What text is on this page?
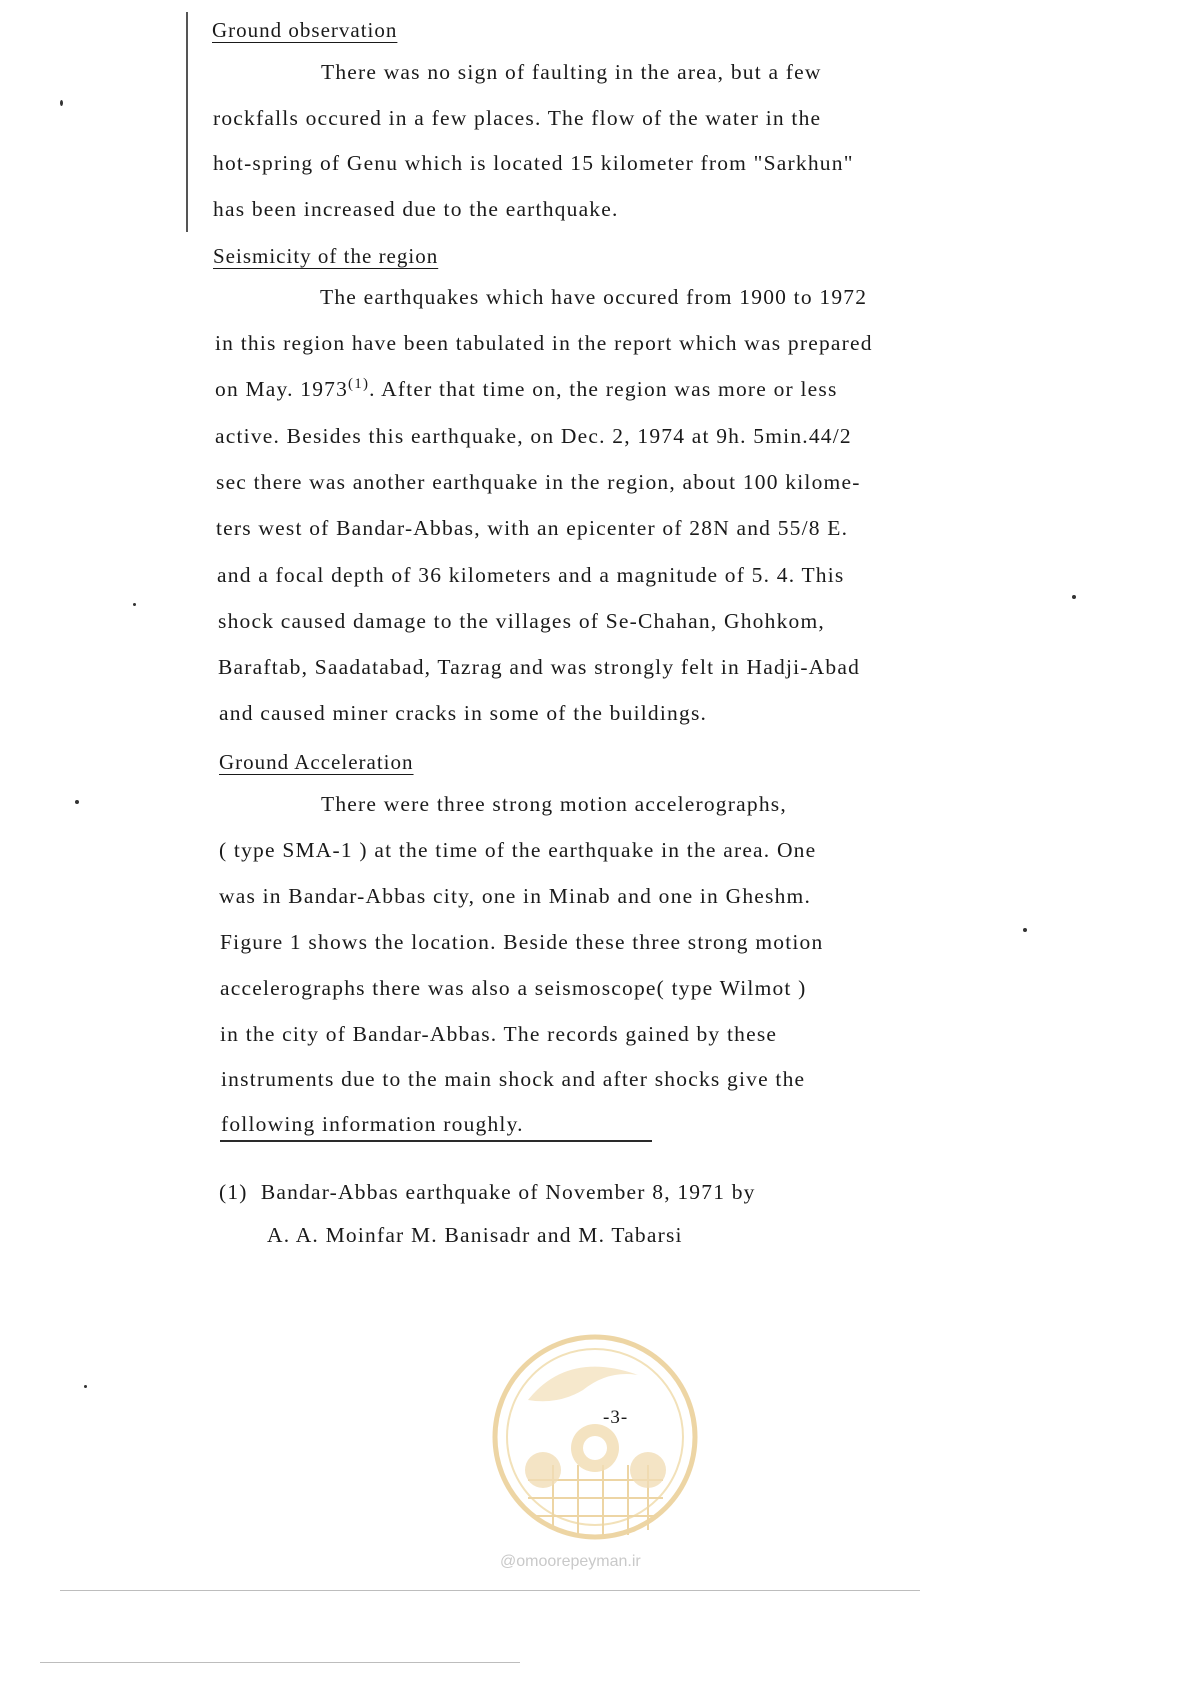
Ground observation
There was no sign of faulting in the area, but a few
rockfalls occured in a few places. The flow of the water in the
hot-spring of Genu which is located 15 kilometer from "Sarkhun"
has been increased due to the earthquake.
Seismicity of the region
The earthquakes which have occured from 1900 to 1972
in this region have been tabulated in the report which was prepared
on May. 1973$^{(1)}$. After that time on, the region was more or less
active. Besides this earthquake, on Dec. 2, 1974 at 9h. 5min.44/2
sec there was another earthquake in the region, about 100 kilome-
ters west of Bandar-Abbas, with an epicenter of 28N and 55/8 E.
and a focal depth of 36 kilometers and a magnitude of 5. 4. This
shock caused damage to the villages of Se-Chahan, Ghohkom,
Baraftab, Saadatabad, Tazrag and was strongly felt in Hadji-Abad
and caused miner cracks in some of the buildings.
Ground Acceleration
There were three strong motion accelerographs,
( type SMA-1 ) at the time of the earthquake in the area. One
was in Bandar-Abbas city, one in Minab and one in Gheshm.
Figure 1 shows the location. Beside these three strong motion
accelerographs there was also a seismoscope( type Wilmot )
in the city of Bandar-Abbas. The records gained by these
instruments due to the main shock and after shocks give the
following information roughly.
(1) Bandar-Abbas earthquake of November 8, 1971 by
A. A. Moinfar M. Banisadr and M. Tabarsi
-3-
@omoorepeyman.ir
